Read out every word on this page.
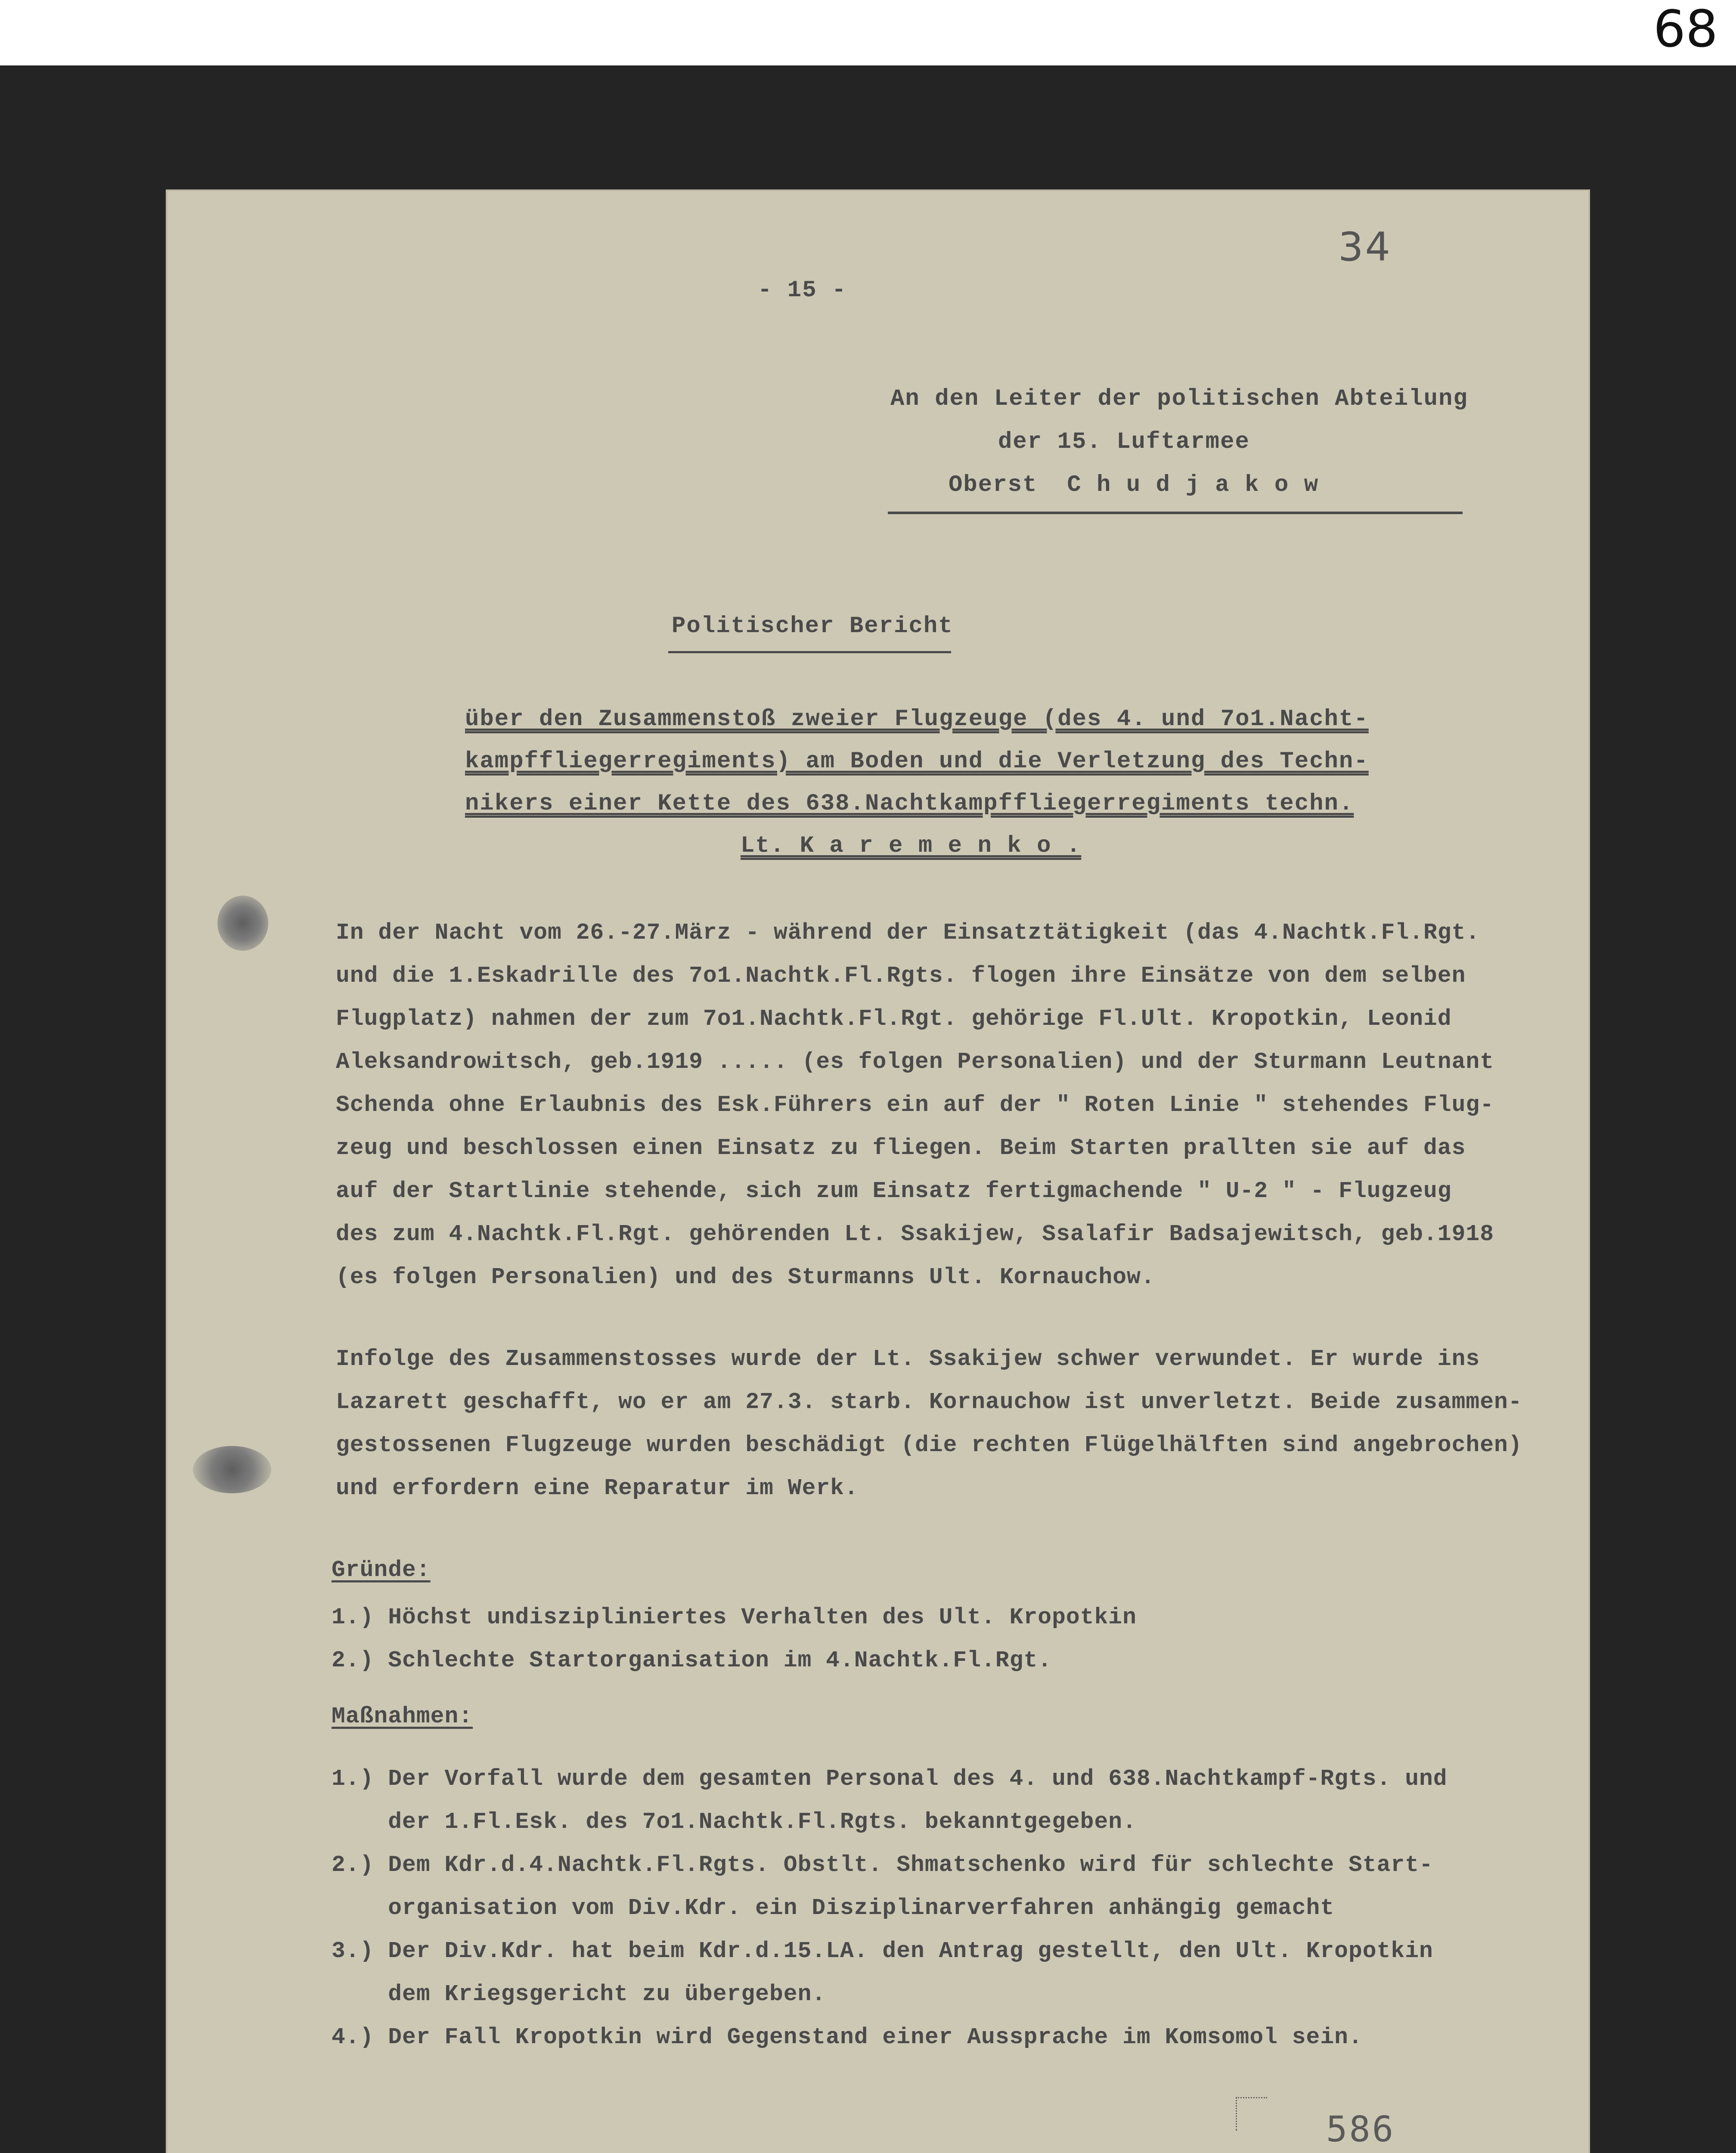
68
34
- 15 -
An den Leiter der politischen Abteilung
der 15. Luftarmee
Oberst  C h u d j a k o w
Politischer Bericht
über den Zusammenstoß zweier Flugzeuge (des 4. und 7o1.Nacht-
kampffliegerregiments) am Boden und die Verletzung des Techn-
nikers einer Kette des 638.Nachtkampffliegerregiments techn.
Lt. K a r e m e n k o .
In der Nacht vom 26.-27.März - während der Einsatztätigkeit (das 4.Nachtk.Fl.Rgt.
und die 1.Eskadrille des 7o1.Nachtk.Fl.Rgts. flogen ihre Einsätze von dem selben
Flugplatz) nahmen der zum 7o1.Nachtk.Fl.Rgt. gehörige Fl.Ult. Kropotkin, Leonid
Aleksandrowitsch, geb.1919 ..... (es folgen Personalien) und der Sturmann Leutnant
Schenda ohne Erlaubnis des Esk.Führers ein auf der " Roten Linie " stehendes Flug-
zeug und beschlossen einen Einsatz zu fliegen. Beim Starten prallten sie auf das
auf der Startlinie stehende, sich zum Einsatz fertigmachende " U-2 " - Flugzeug
des zum 4.Nachtk.Fl.Rgt. gehörenden Lt. Ssakijew, Ssalafir Badsajewitsch, geb.1918
(es folgen Personalien) und des Sturmanns Ult. Kornauchow.
Infolge des Zusammenstosses wurde der Lt. Ssakijew schwer verwundet. Er wurde ins
Lazarett geschafft, wo er am 27.3. starb. Kornauchow ist unverletzt. Beide zusammen-
gestossenen Flugzeuge wurden beschädigt (die rechten Flügelhälften sind angebrochen)
und erfordern eine Reparatur im Werk.
Gründe:
1.) Höchst undiszipliniertes Verhalten des Ult. Kropotkin
2.) Schlechte Startorganisation im 4.Nachtk.Fl.Rgt.
Maßnahmen:
1.) Der Vorfall wurde dem gesamten Personal des 4. und 638.Nachtkampf-Rgts. und
der 1.Fl.Esk. des 7o1.Nachtk.Fl.Rgts. bekanntgegeben.
2.) Dem Kdr.d.4.Nachtk.Fl.Rgts. Obstlt. Shmatschenko wird für schlechte Start-
organisation vom Div.Kdr. ein Disziplinarverfahren anhängig gemacht
3.) Der Div.Kdr. hat beim Kdr.d.15.LA. den Antrag gestellt, den Ult. Kropotkin
dem Kriegsgericht zu übergeben.
4.) Der Fall Kropotkin wird Gegenstand einer Aussprache im Komsomol sein.
586
